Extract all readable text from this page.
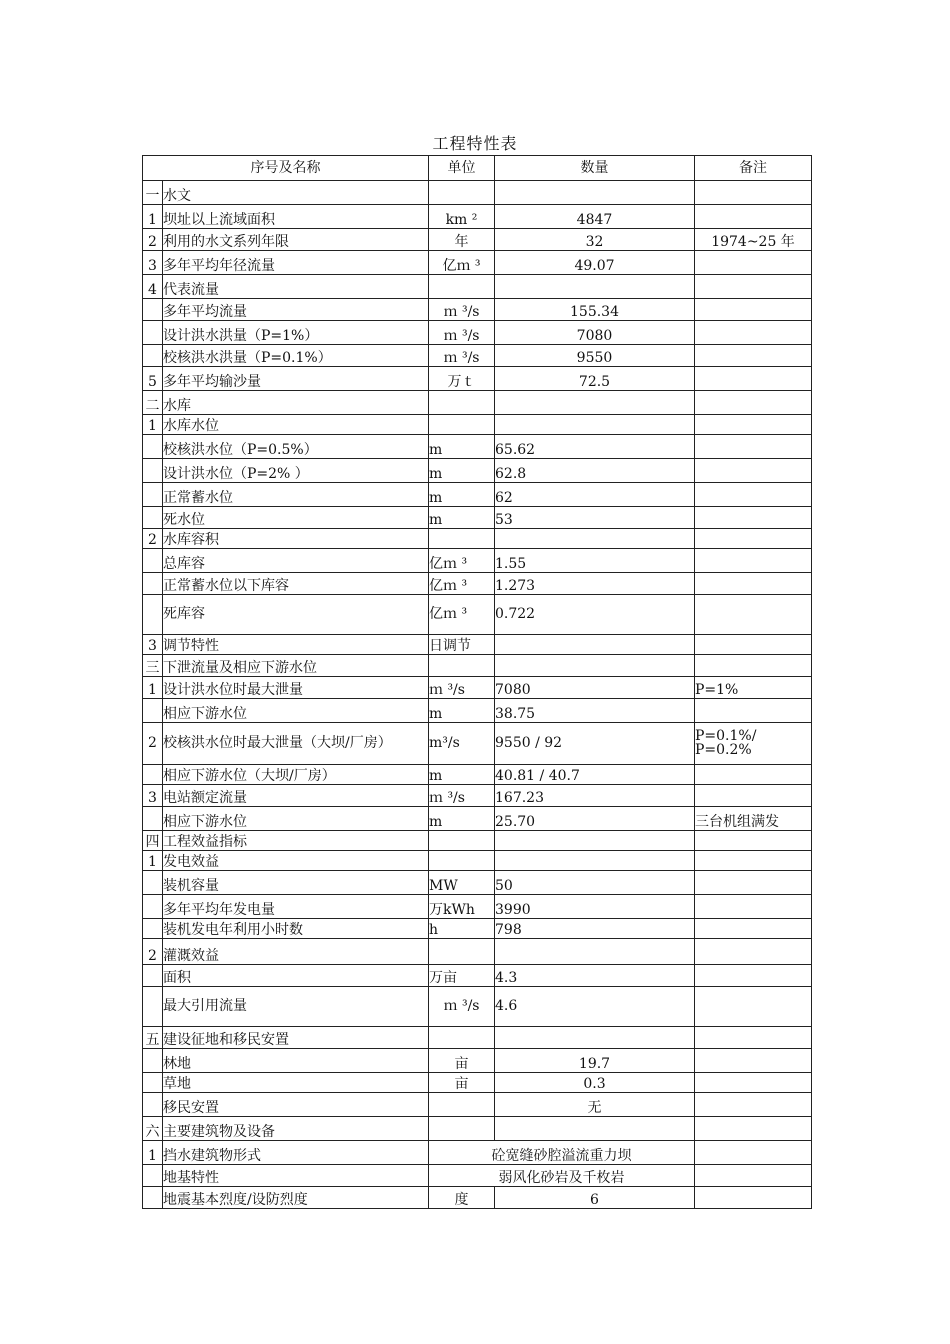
工程特性表
序号及名称		单位	数量	备注
一	水文			
1	坝址以上流域面积	km ²	4847	
2	利用的水文系列年限	年	32	1974~25 年
3	多年平均年径流量	亿ｍ ³	49.07	
4	代表流量			
	多年平均流量	ｍ ³/s	155.34	
	设计洪水洪量（P=1%）	ｍ ³/s	7080	
	校核洪水洪量（P=0.1%）	ｍ ³/s	9550	
5	多年平均输沙量	万ｔ	72.5	
二	水库			
1	水库水位			
	校核洪水位（P=0.5%）	m	65.62	
	设计洪水位（P=2% ）	m	62.8	
	正常蓄水位	m	62	
	死水位	m	53	
2	水库容积			
	总库容	亿ｍ ³	1.55	
	正常蓄水位以下库容	亿ｍ ³	1.273	
	死库容	亿ｍ ³	0.722	
3	调节特性	日调节		
三	下泄流量及相应下游水位			
1	设计洪水位时最大泄量	ｍ ³/s	7080	P=1%
	相应下游水位	m	38.75	
2	校核洪水位时最大泄量（大坝/厂房）	m³/s	9550 / 92	P=0.1%/
P=0.2%
	相应下游水位（大坝/厂房）	m	40.81 / 40.7	
3	电站额定流量	ｍ ³/s	167.23	
	相应下游水位	m	25.70	三台机组满发
四	工程效益指标			
1	发电效益			
	装机容量	MW	50	
	多年平均年发电量	万kWh	3990	
	装机发电年利用小时数	h	798	
2	灌溉效益			
	面积	万亩	4.3	
	最大引用流量	ｍ ³/s	4.6	
五	建设征地和移民安置			
	林地	亩	19.7	
	草地	亩	0.3	
	移民安置		无	
六	主要建筑物及设备			
1	挡水建筑物形式	砼宽缝砂腔溢流重力坝		
	地基特性	弱风化砂岩及千枚岩		
	地震基本烈度/设防烈度	度	6	
